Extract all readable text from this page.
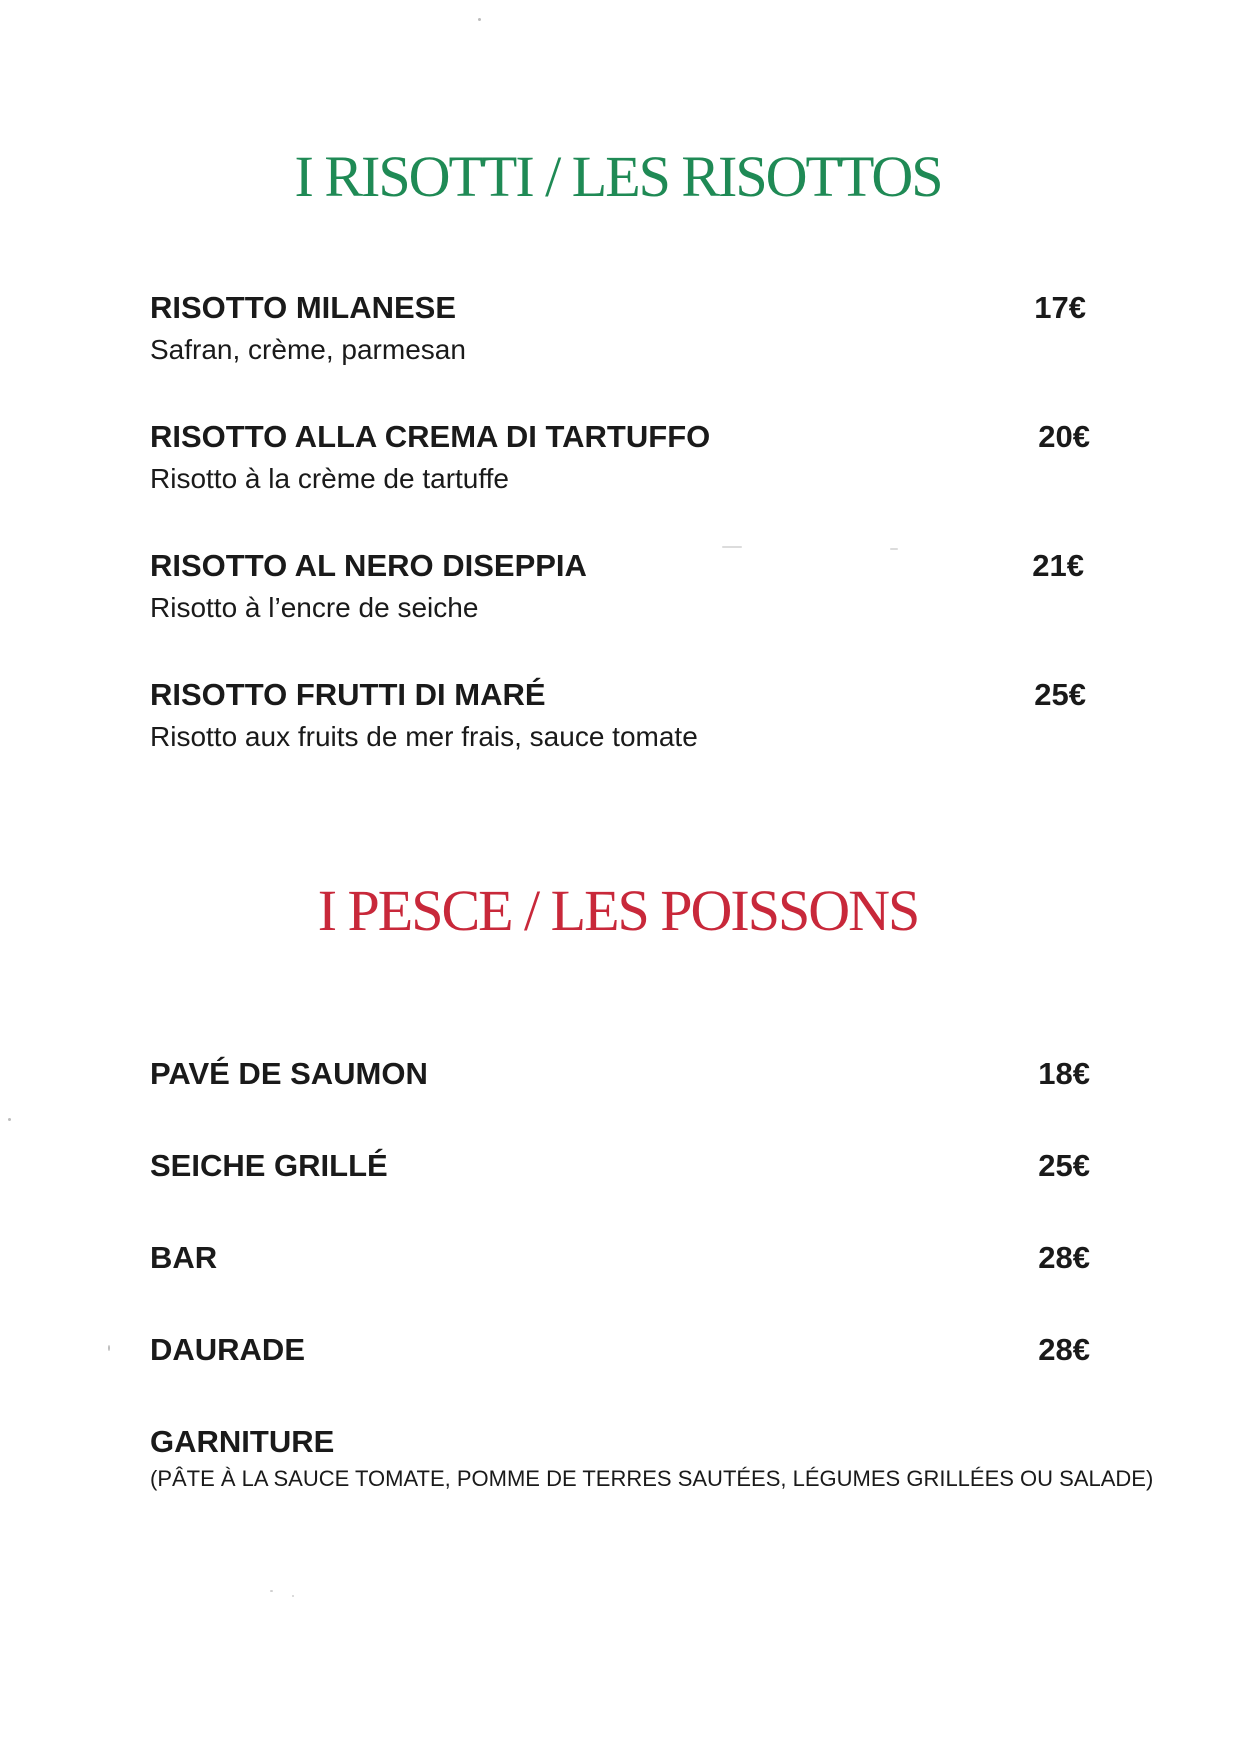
I RISOTTI / LES RISOTTOS
RISOTTO MILANESE	17€
Safran, crème, parmesan
RISOTTO ALLA CREMA DI TARTUFFO	20€
Risotto à la crème de tartuffe
RISOTTO AL NERO DISEPPIA	21€
Risotto à l’encre de seiche
RISOTTO FRUTTI DI MARÉ	25€
Risotto aux fruits de mer frais, sauce tomate
I PESCE / LES POISSONS
PAVÉ DE SAUMON	18€
SEICHE GRILLÉ	25€
BAR	28€
DAURADE	28€
GARNITURE
(PÂTE À LA SAUCE TOMATE, POMME DE TERRES SAUTÉES, LÉGUMES GRILLÉES OU SALADE)
